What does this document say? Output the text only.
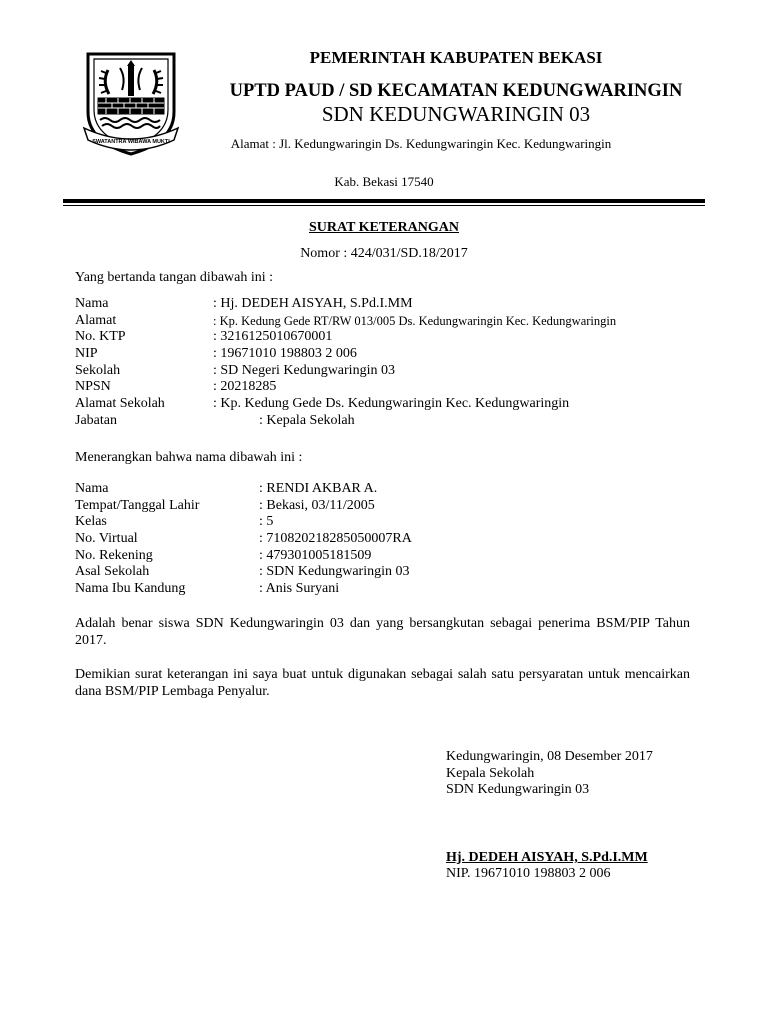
SWATANTRA WIBAWA MUKTI
PEMERINTAH KABUPATEN BEKASI
UPTD PAUD / SD KECAMATAN KEDUNGWARINGIN
SDN KEDUNGWARINGIN 03
Alamat : Jl. Kedungwaringin Ds. Kedungwaringin Kec. Kedungwaringin
Kab. Bekasi 17540
SURAT KETERANGAN
Nomor : 424/031/SD.18/2017
Yang bertanda tangan dibawah ini :
Nama	: Hj. DEDEH AISYAH, S.Pd.I.MM
Alamat	: Kp. Kedung Gede RT/RW 013/005 Ds. Kedungwaringin Kec. Kedungwaringin
No. KTP	: 3216125010670001
NIP	: 19671010 198803 2 006
Sekolah	: SD Negeri Kedungwaringin 03
NPSN	: 20218285
Alamat Sekolah	: Kp. Kedung Gede Ds. Kedungwaringin Kec. Kedungwaringin
Jabatan	: Kepala Sekolah
Menerangkan bahwa nama dibawah ini :
Nama	: RENDI AKBAR A.
Tempat/Tanggal Lahir	: Bekasi, 03/11/2005
Kelas	: 5
No. Virtual	: 710820218285050007RA
No. Rekening	: 479301005181509
Asal Sekolah	: SDN Kedungwaringin 03
Nama Ibu Kandung	: Anis Suryani
Adalah benar siswa SDN Kedungwaringin 03 dan yang bersangkutan sebagai penerima BSM/PIP Tahun 2017.
Demikian surat keterangan ini saya buat untuk digunakan sebagai salah satu persyaratan untuk mencairkan dana BSM/PIP Lembaga Penyalur.
Kedungwaringin, 08 Desember 2017
Kepala Sekolah
SDN Kedungwaringin 03
Hj. DEDEH AISYAH, S.Pd.I.MM
NIP. 19671010 198803 2 006
